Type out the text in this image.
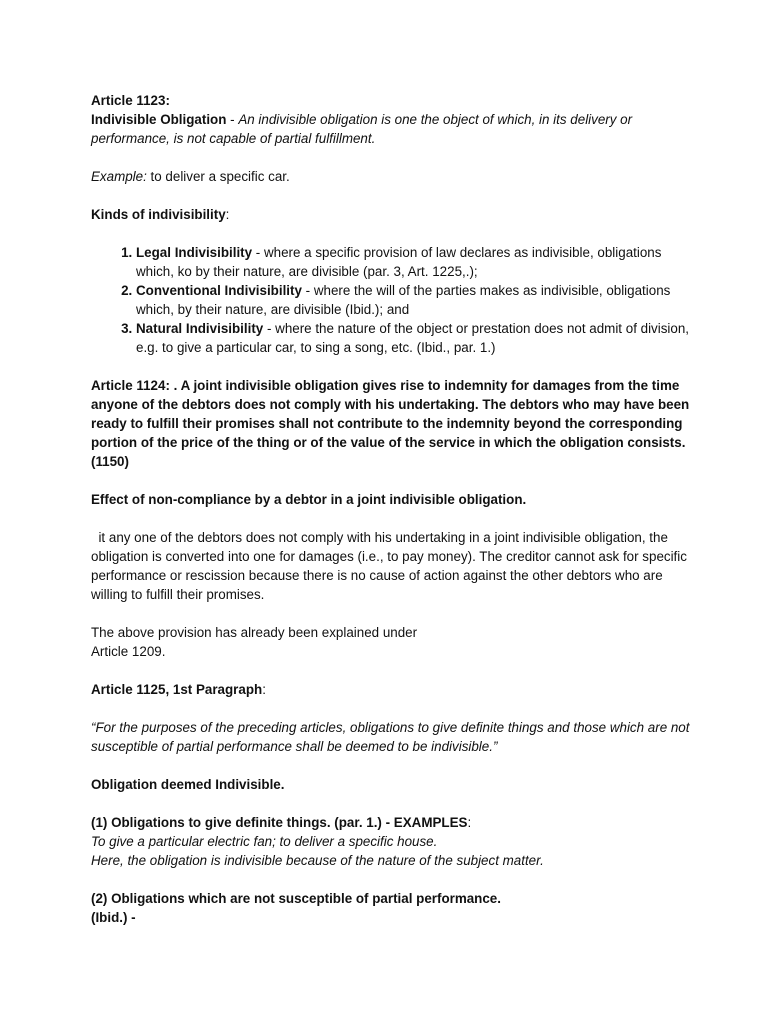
Article 1123:

Indivisible Obligation - An indivisible obligation is one the object of which, in its delivery or performance, is not capable of partial fulfillment.

Example: to deliver a specific car.

Kinds of indivisibility:

1. Legal Indivisibility - where a specific provision of law declares as indivisible, obligations which, ko by their nature, are divisible (par. 3, Art. 1225,.);
2. Conventional Indivisibility - where the will of the parties makes as indivisible, obligations which, by their nature, are divisible (Ibid.); and
3. Natural Indivisibility - where the nature of the object or prestation does not admit of division, e.g. to give a particular car, to sing a song, etc. (Ibid., par. 1.)

Article 1124: . A joint indivisible obligation gives rise to indemnity for damages from the time anyone of the debtors does not comply with his undertaking. The debtors who may have been ready to fulfill their promises shall not contribute to the indemnity beyond the corresponding portion of the price of the thing or of the value of the service in which the obligation consists. (1150)

Effect of non-compliance by a debtor in a joint indivisible obligation.

it any one of the debtors does not comply with his undertaking in a joint indivisible obligation, the obligation is converted into one for damages (i.e., to pay money). The creditor cannot ask for specific performance or rescission because there is no cause of action against the other debtors who are willing to fulfill their promises.

The above provision has already been explained under

Article 1209.

Article 1125, 1st Paragraph:

“For the purposes of the preceding articles, obligations to give definite things and those which are not susceptible of partial performance shall be deemed to be indivisible.”

Obligation deemed Indivisible.

(1) Obligations to give definite things. (par. 1.) - EXAMPLES:

To give a particular electric fan; to deliver a specific house.

Here, the obligation is indivisible because of the nature of the subject matter.

(2) Obligations which are not susceptible of partial performance.

(Ibid.) -
